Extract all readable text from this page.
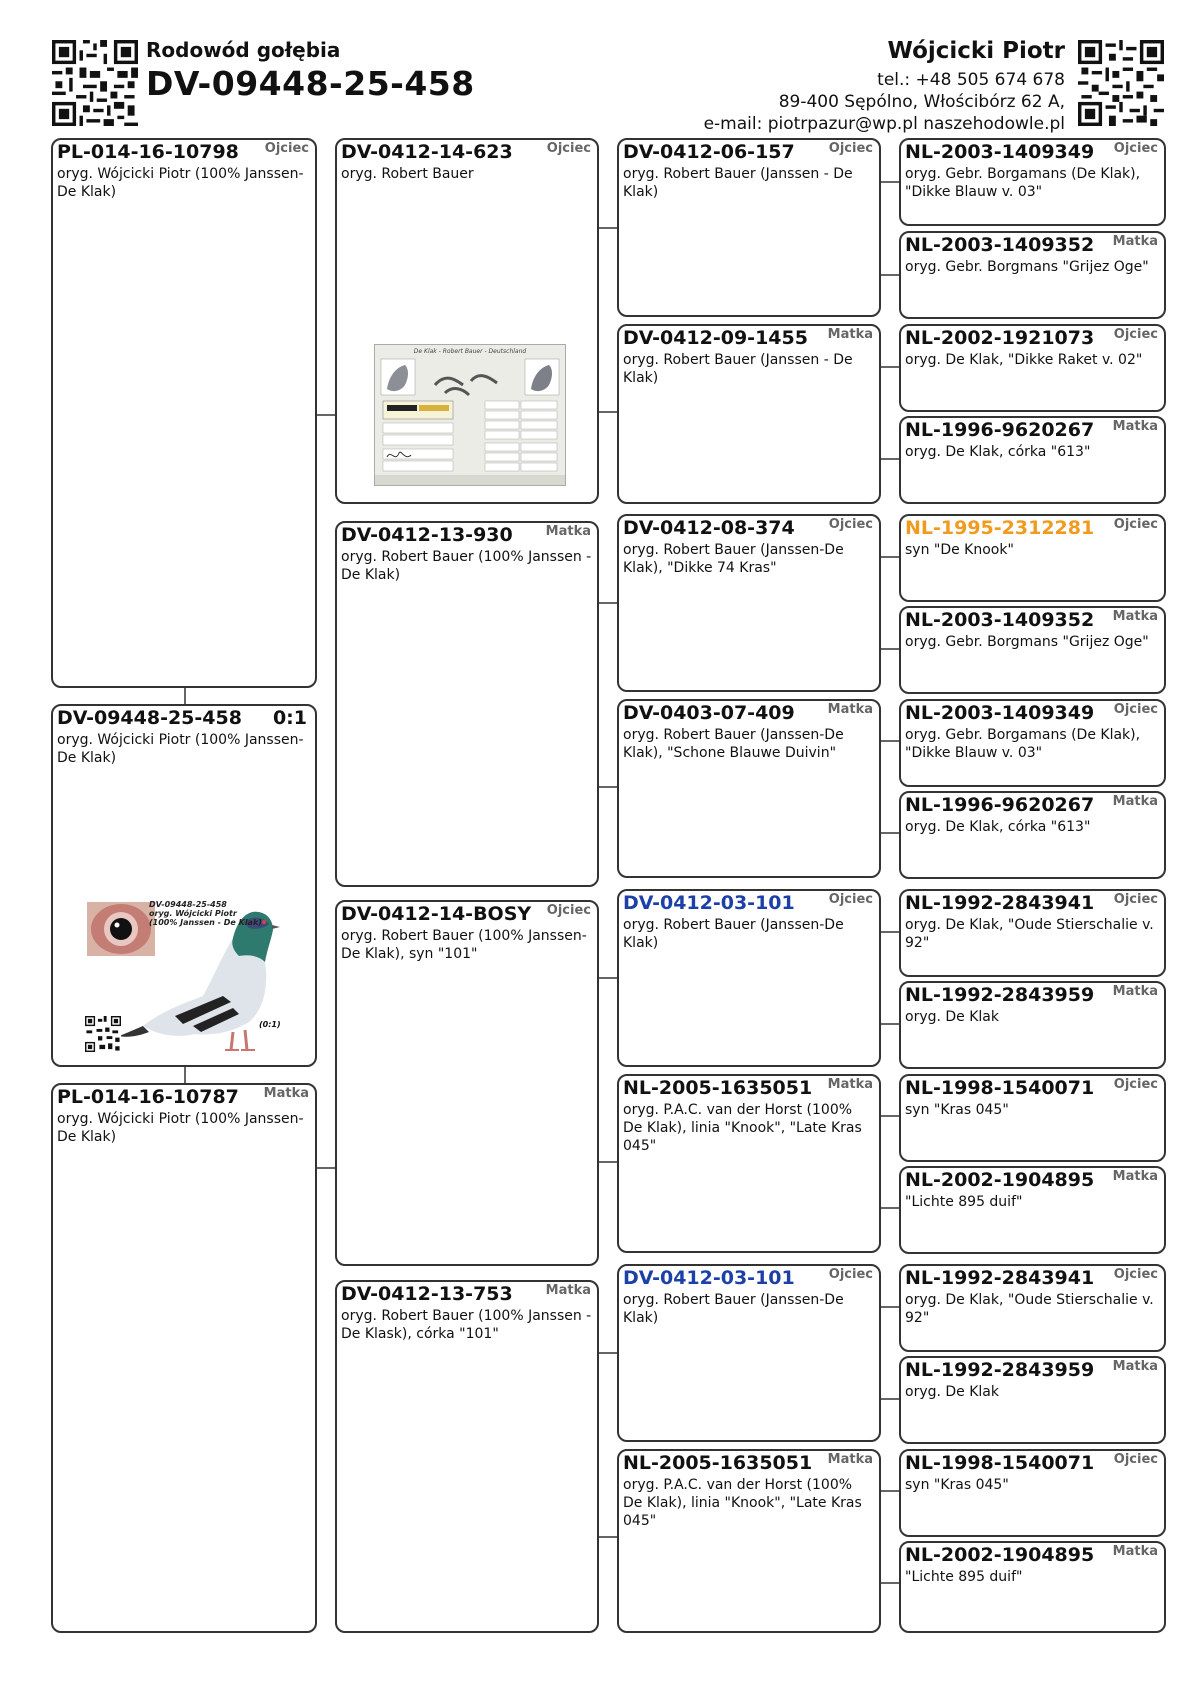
Rodowód gołębia
DV-09448-25-458
Wójcicki Piotr
tel.: +48 505 674 678
89-400 Sępólno, Włościbórz 62 A,
e-mail: piotrpazur@wp.pl naszehodowle.pl
PL-014-16-10798 Ojciec
oryg. Wójcicki Piotr (100% Janssen-De Klak)
DV-09448-25-458 0:1
oryg. Wójcicki Piotr (100% Janssen-De Klak)
DV-09448-25-458
oryg. Wójcicki Piotr
(100% Janssen - De Klak)
(0:1)
PL-014-16-10787 Matka
oryg. Wójcicki Piotr (100% Janssen-De Klak)
DV-0412-14-623	Ojciec
oryg. Robert Bauer
De Klak - Robert Bauer - Deutschland
DV-0412-13-930	Matka
oryg. Robert Bauer (100% Janssen - De Klak)
DV-0412-14-BOSY Ojciec
oryg. Robert Bauer (100% Janssen-De Klak), syn "101"
DV-0412-13-753	Matka
oryg. Robert Bauer (100% Janssen - De Klask), córka "101"
DV-0412-06-157	Ojciec
oryg. Robert Bauer (Janssen - De Klak)
DV-0412-09-1455 Matka
oryg. Robert Bauer (Janssen - De Klak)
DV-0412-08-374	Ojciec
oryg. Robert Bauer (Janssen-De Klak), "Dikke 74 Kras"
DV-0403-07-409	Matka
oryg. Robert Bauer (Janssen-De Klak), "Schone Blauwe Duivin"
DV-0412-03-101	Ojciec
oryg. Robert Bauer (Janssen-De Klak)
NL-2005-1635051 Matka
oryg. P.A.C. van der Horst (100% De Klak), linia "Knook", "Late Kras 045"
DV-0412-03-101	Ojciec
oryg. Robert Bauer (Janssen-De Klak)
NL-2005-1635051 Matka
oryg. P.A.C. van der Horst (100% De Klak), linia "Knook", "Late Kras 045"
NL-2003-1409349 Ojciec
oryg. Gebr. Borgamans (De Klak), "Dikke Blauw v. 03"
NL-2003-1409352 Matka
oryg. Gebr. Borgmans "Grijez Oge"
NL-2002-1921073 Ojciec
oryg. De Klak, "Dikke Raket v. 02"
NL-1996-9620267 Matka
oryg. De Klak, córka "613"
NL-1995-2312281 Ojciec
syn "De Knook"
NL-2003-1409352 Matka
oryg. Gebr. Borgmans "Grijez Oge"
NL-2003-1409349 Ojciec
oryg. Gebr. Borgamans (De Klak), "Dikke Blauw v. 03"
NL-1996-9620267 Matka
oryg. De Klak, córka "613"
NL-1992-2843941 Ojciec
oryg. De Klak, "Oude Stierschalie v. 92"
NL-1992-2843959 Matka
oryg. De Klak
NL-1998-1540071 Ojciec
syn "Kras 045"
NL-2002-1904895 Matka
"Lichte 895 duif"
NL-1992-2843941 Ojciec
oryg. De Klak, "Oude Stierschalie v. 92"
NL-1992-2843959 Matka
oryg. De Klak
NL-1998-1540071 Ojciec
syn "Kras 045"
NL-2002-1904895 Matka
"Lichte 895 duif"
